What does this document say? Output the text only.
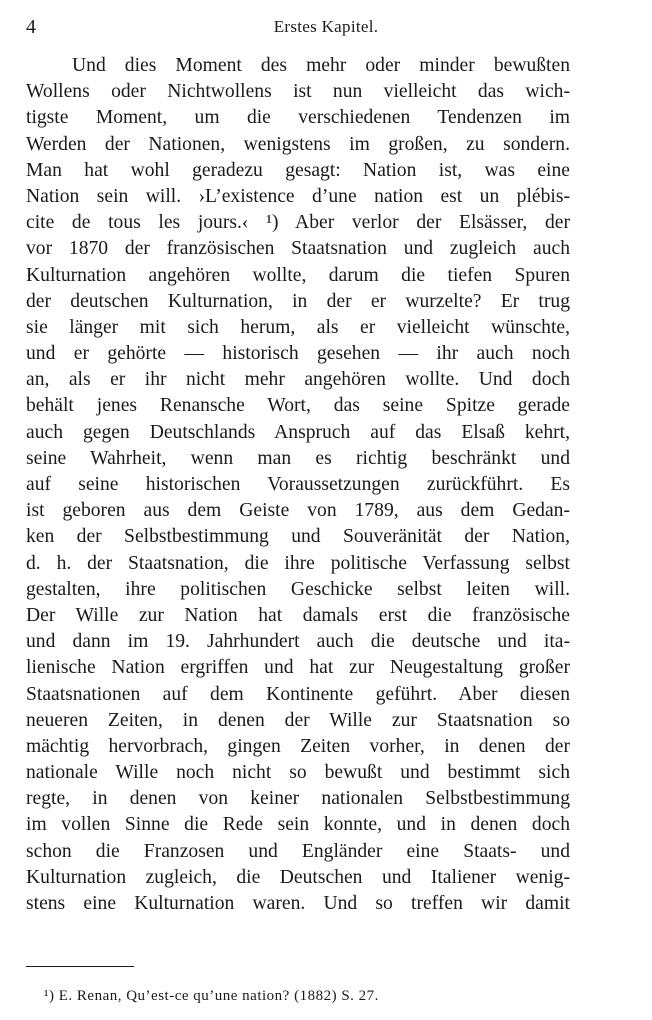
4	Erstes Kapitel.
Und dies Moment des mehr oder minder bewußten
Wollens oder Nichtwollens ist nun vielleicht das wich-
tigste Moment, um die verschiedenen Tendenzen im
Werden der Nationen, wenigstens im großen, zu sondern.
Man hat wohl geradezu gesagt: Nation ist, was eine
Nation sein will. ›L’existence d’une nation est un plébis-
cite de tous les jours.‹ ¹) Aber verlor der Elsässer, der
vor 1870 der französischen Staatsnation und zugleich auch
Kulturnation angehören wollte, darum die tiefen Spuren
der deutschen Kulturnation, in der er wurzelte? Er trug
sie länger mit sich herum, als er vielleicht wünschte,
und er gehörte — historisch gesehen — ihr auch noch
an, als er ihr nicht mehr angehören wollte. Und doch
behält jenes Renansche Wort, das seine Spitze gerade
auch gegen Deutschlands Anspruch auf das Elsaß kehrt,
seine Wahrheit, wenn man es richtig beschränkt und
auf seine historischen Voraussetzungen zurückführt. Es
ist geboren aus dem Geiste von 1789, aus dem Gedan-
ken der Selbstbestimmung und Souveränität der Nation,
d. h. der Staatsnation, die ihre politische Verfassung selbst
gestalten, ihre politischen Geschicke selbst leiten will.
Der Wille zur Nation hat damals erst die französische
und dann im 19. Jahrhundert auch die deutsche und ita-
lienische Nation ergriffen und hat zur Neugestaltung großer
Staatsnationen auf dem Kontinente geführt. Aber diesen
neueren Zeiten, in denen der Wille zur Staatsnation so
mächtig hervorbrach, gingen Zeiten vorher, in denen der
nationale Wille noch nicht so bewußt und bestimmt sich
regte, in denen von keiner nationalen Selbstbestimmung
im vollen Sinne die Rede sein konnte, und in denen doch
schon die Franzosen und Engländer eine Staats- und
Kulturnation zugleich, die Deutschen und Italiener wenig-
stens eine Kulturnation waren. Und so treffen wir damit
¹) E. Renan, Qu’est-ce qu’une nation? (1882) S. 27.
